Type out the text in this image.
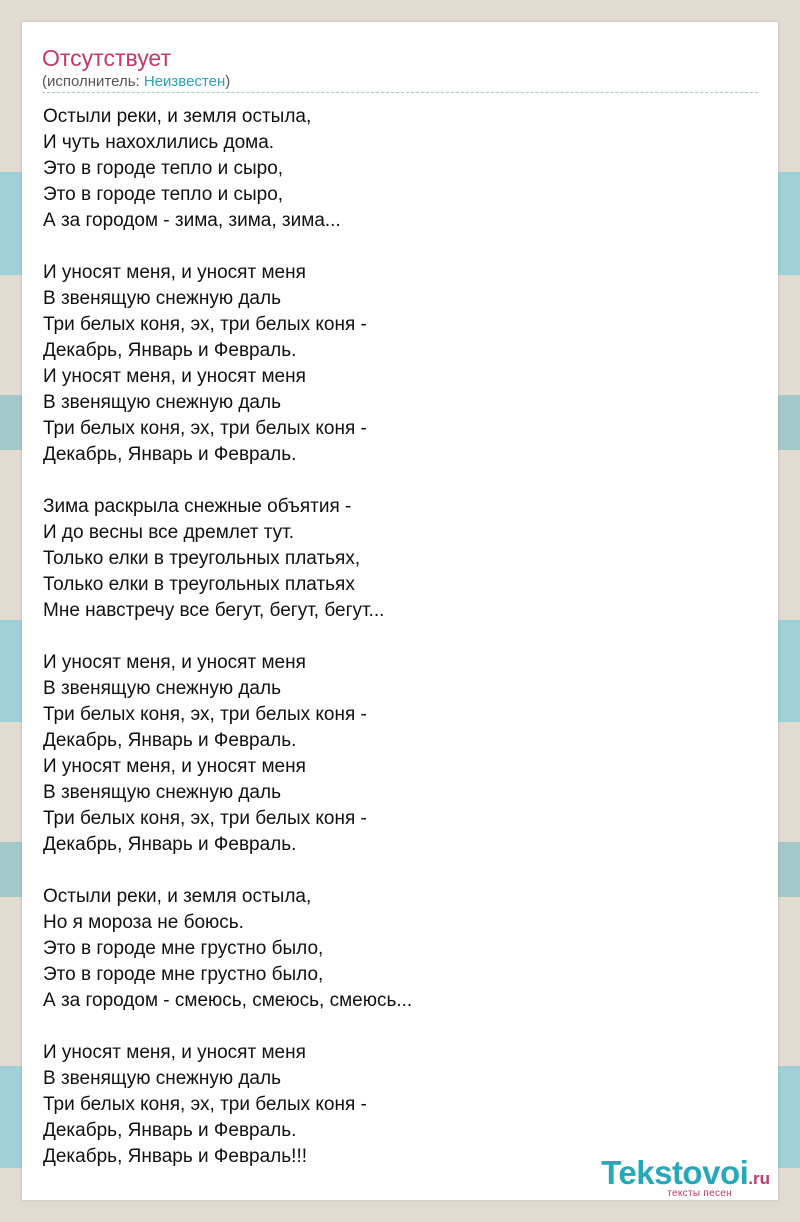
Отсутствует
(исполнитель: Неизвестен)
Остыли реки, и земля остыла,
И чуть нахохлились дома.
Это в городе тепло и сыро,
Это в городе тепло и сыро,
А за городом - зима, зима, зима...
И уносят меня, и уносят меня
В звенящую снежную даль
Три белых коня, эх, три белых коня -
Декабрь, Январь и Февраль.
И уносят меня, и уносят меня
В звенящую снежную даль
Три белых коня, эх, три белых коня -
Декабрь, Январь и Февраль.
Зима раскрыла снежные объятия -
И до весны все дремлет тут.
Только елки в треугольных платьях,
Только елки в треугольных платьях
Мне навстречу все бегут, бегут, бегут...
И уносят меня, и уносят меня
В звенящую снежную даль
Три белых коня, эх, три белых коня -
Декабрь, Январь и Февраль.
И уносят меня, и уносят меня
В звенящую снежную даль
Три белых коня, эх, три белых коня -
Декабрь, Январь и Февраль.
Остыли реки, и земля остыла,
Но я мороза не боюсь.
Это в городе мне грустно было,
Это в городе мне грустно было,
А за городом - смеюсь, смеюсь, смеюсь...
И уносят меня, и уносят меня
В звенящую снежную даль
Три белых коня, эх, три белых коня -
Декабрь, Январь и Февраль.
Декабрь, Январь и Февраль!!!	Tekstovoi.ru
тексты песен
